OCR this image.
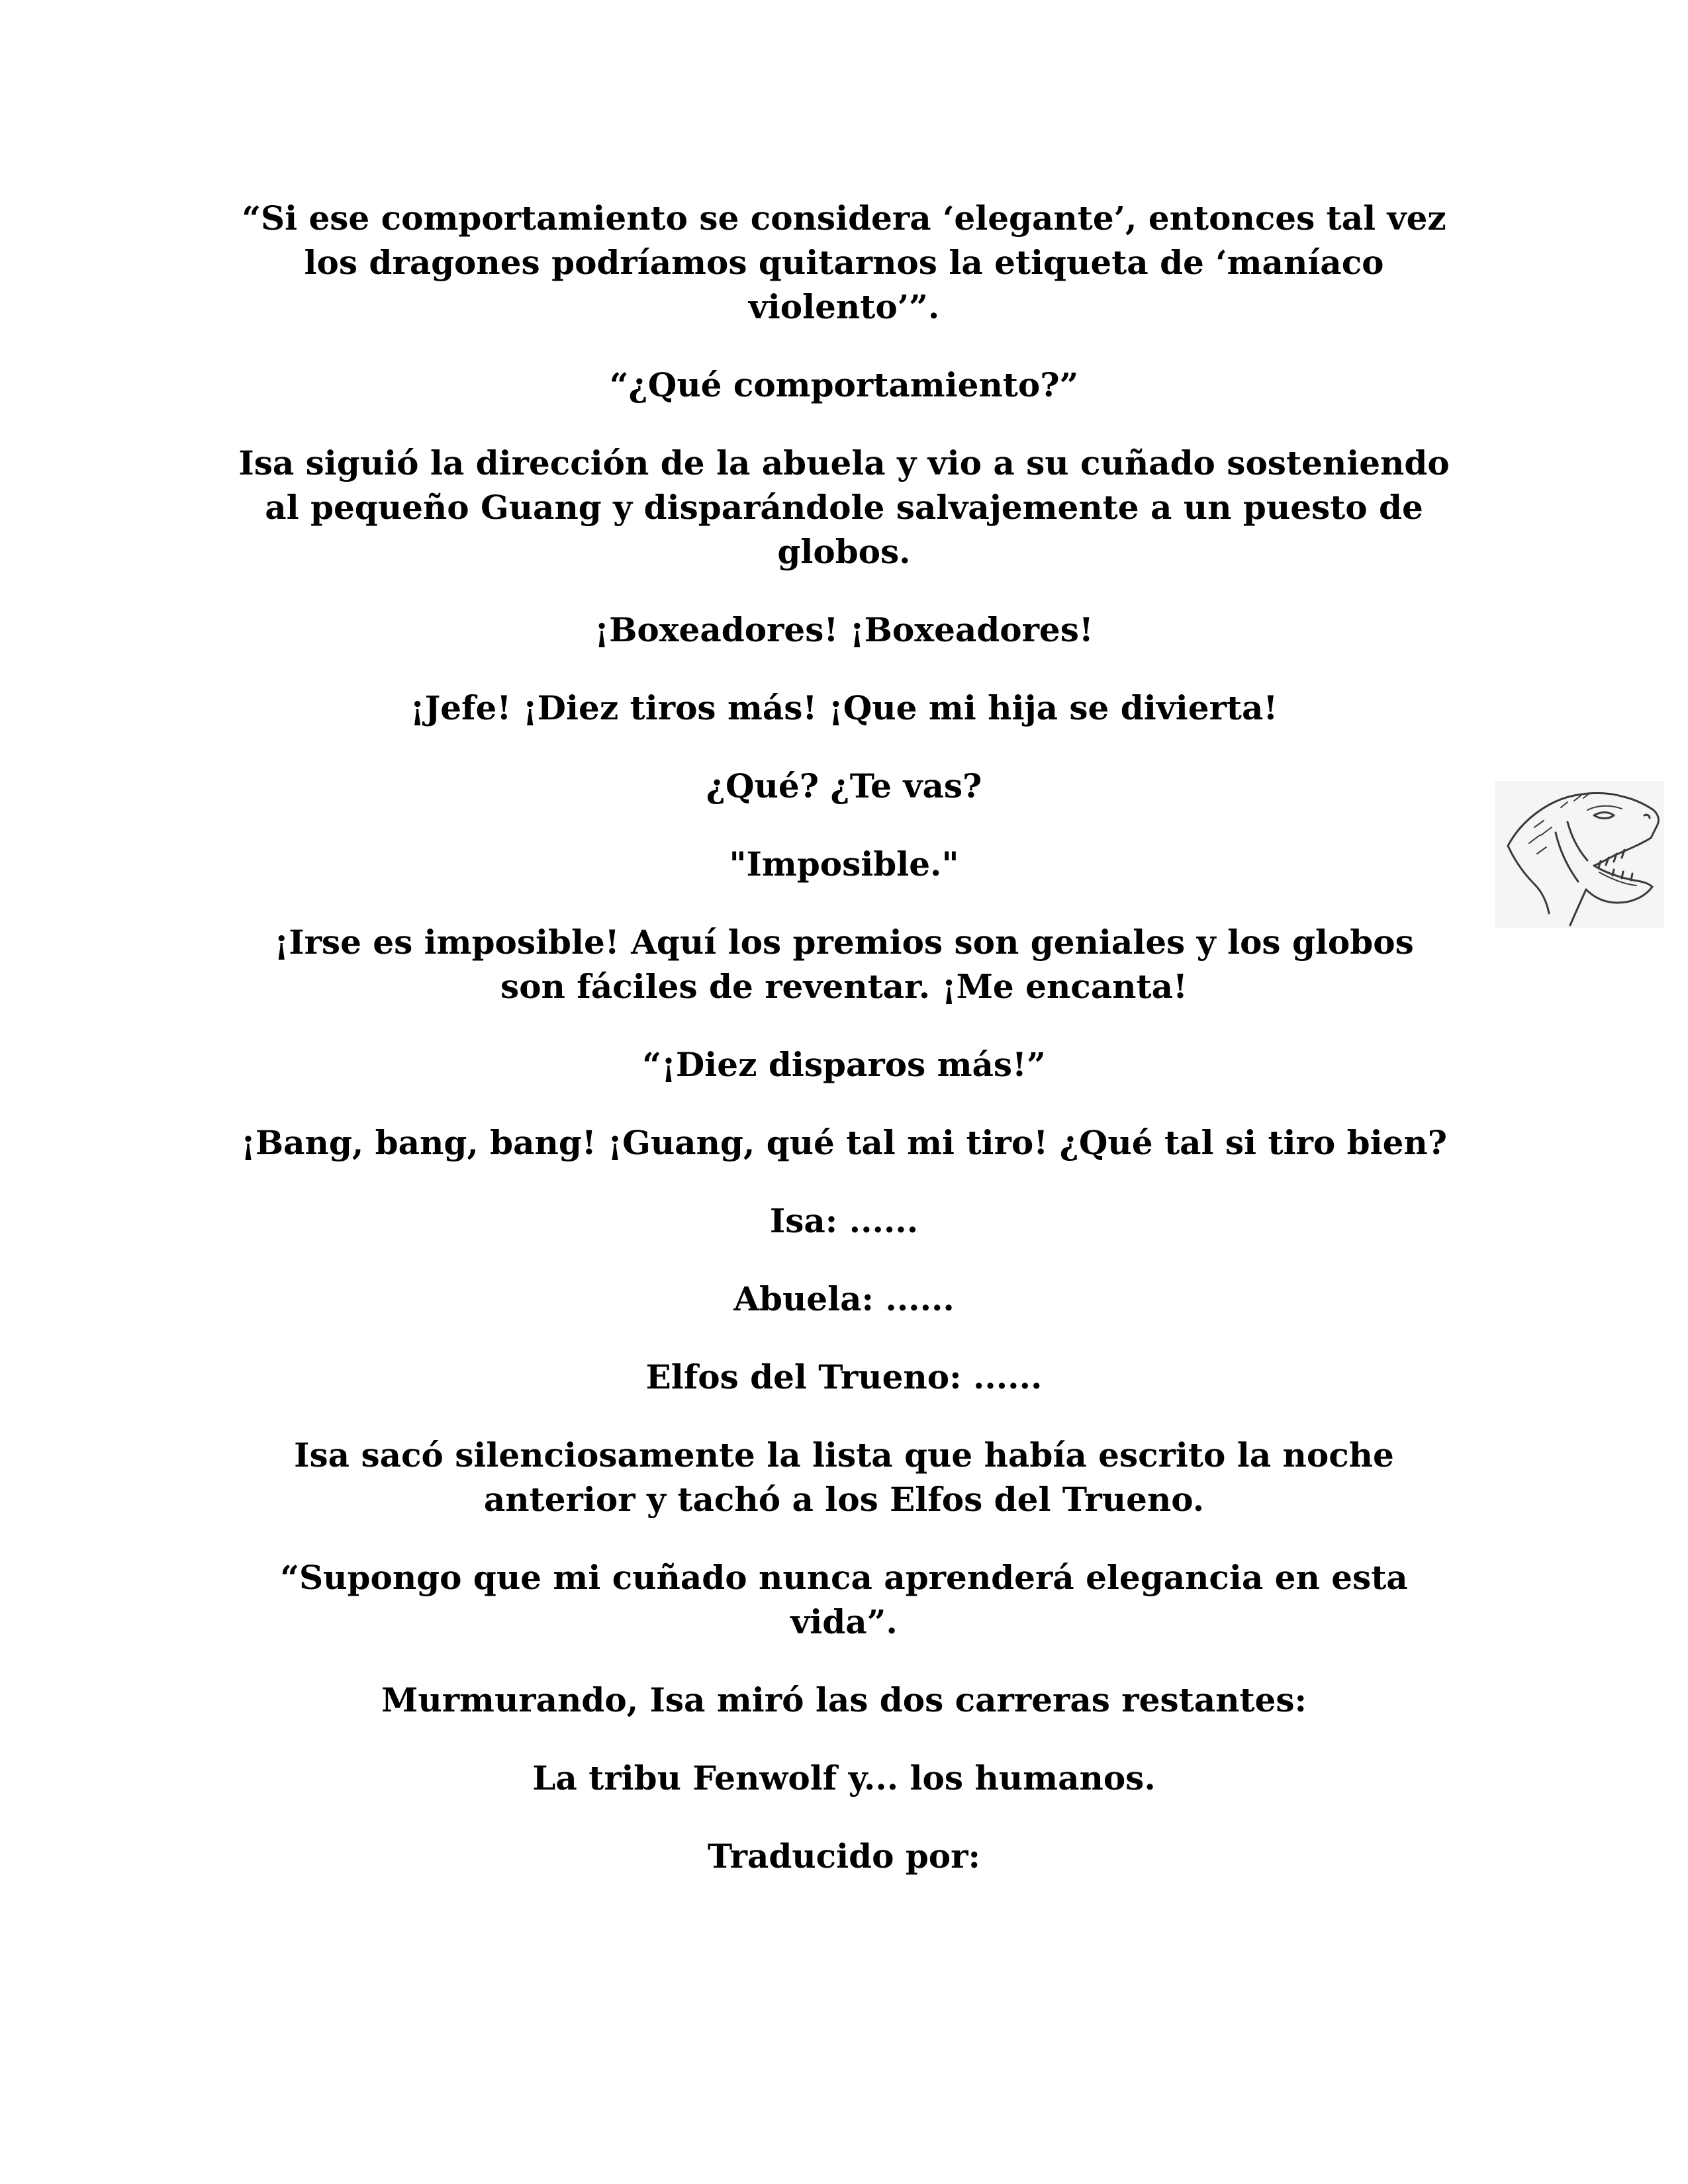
“Si ese comportamiento se considera ‘elegante’, entonces tal vez los dragones podríamos quitarnos la etiqueta de ‘maníaco violento’”.

“¿Qué comportamiento?”

Isa siguió la dirección de la abuela y vio a su cuñado sosteniendo al pequeño Guang y disparándole salvajemente a un puesto de globos.

¡Boxeadores! ¡Boxeadores!

¡Jefe! ¡Diez tiros más! ¡Que mi hija se divierta!

¿Qué? ¿Te vas?

"Imposible."

¡Irse es imposible! Aquí los premios son geniales y los globos son fáciles de reventar. ¡Me encanta!

“¡Diez disparos más!”

¡Bang, bang, bang! ¡Guang, qué tal mi tiro! ¿Qué tal si tiro bien?

Isa: ......

Abuela: ......

Elfos del Trueno: ......

Isa sacó silenciosamente la lista que había escrito la noche anterior y tachó a los Elfos del Trueno.

“Supongo que mi cuñado nunca aprenderá elegancia en esta vida”.

Murmurando, Isa miró las dos carreras restantes:

La tribu Fenwolf y... los humanos.

Traducido por:
